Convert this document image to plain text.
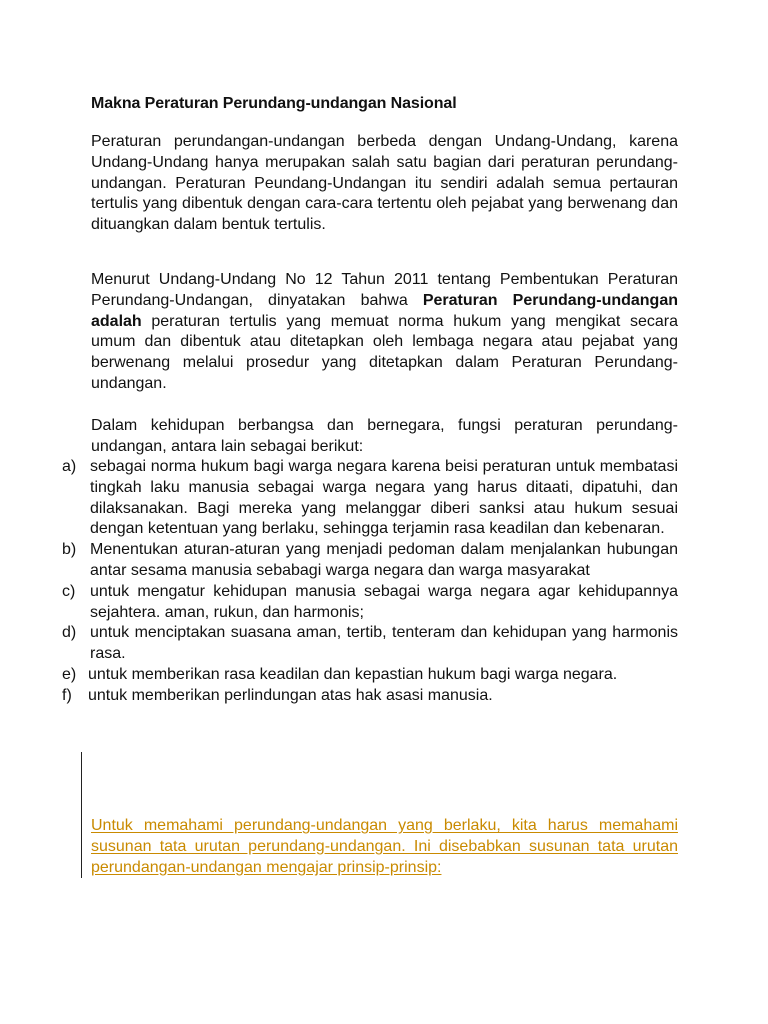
Makna Peraturan Perundang-undangan Nasional
Peraturan perundangan-undangan berbeda dengan Undang-Undang, karena Undang-Undang hanya merupakan salah satu bagian dari peraturan perundang-undangan. Peraturan Peundang-Undangan itu sendiri adalah semua pertauran tertulis yang dibentuk dengan cara-cara tertentu oleh pejabat yang berwenang dan dituangkan dalam bentuk tertulis.
Menurut Undang-Undang No 12 Tahun 2011 tentang Pembentukan Peraturan Perundang-Undangan, dinyatakan bahwa Peraturan Perundang-undangan adalah peraturan tertulis yang memuat norma hukum yang mengikat secara umum dan dibentuk atau ditetapkan oleh lembaga negara atau pejabat yang berwenang melalui prosedur yang ditetapkan dalam Peraturan Perundang-undangan.
Dalam kehidupan berbangsa dan bernegara, fungsi peraturan perundang-undangan, antara lain sebagai berikut:
a) sebagai norma hukum bagi warga negara karena beisi peraturan untuk membatasi tingkah laku manusia sebagai warga negara yang harus ditaati, dipatuhi, dan dilaksanakan. Bagi mereka yang melanggar diberi sanksi atau hukum sesuai dengan ketentuan yang berlaku, sehingga terjamin rasa keadilan dan kebenaran.
b) Menentukan aturan-aturan yang menjadi pedoman dalam menjalankan hubungan antar sesama manusia sebabagi warga negara dan warga masyarakat
c) untuk mengatur kehidupan manusia sebagai warga negara agar kehidupannya sejahtera. aman, rukun, dan harmonis;
d) untuk menciptakan suasana aman, tertib, tenteram dan kehidupan yang harmonis rasa.
e) untuk memberikan rasa keadilan dan kepastian hukum bagi warga negara.
f) untuk memberikan perlindungan atas hak asasi manusia.
Untuk memahami perundang-undangan yang berlaku, kita harus memahami susunan tata urutan perundang-undangan. Ini disebabkan susunan tata urutan perundangan-undangan mengajar prinsip-prinsip:
